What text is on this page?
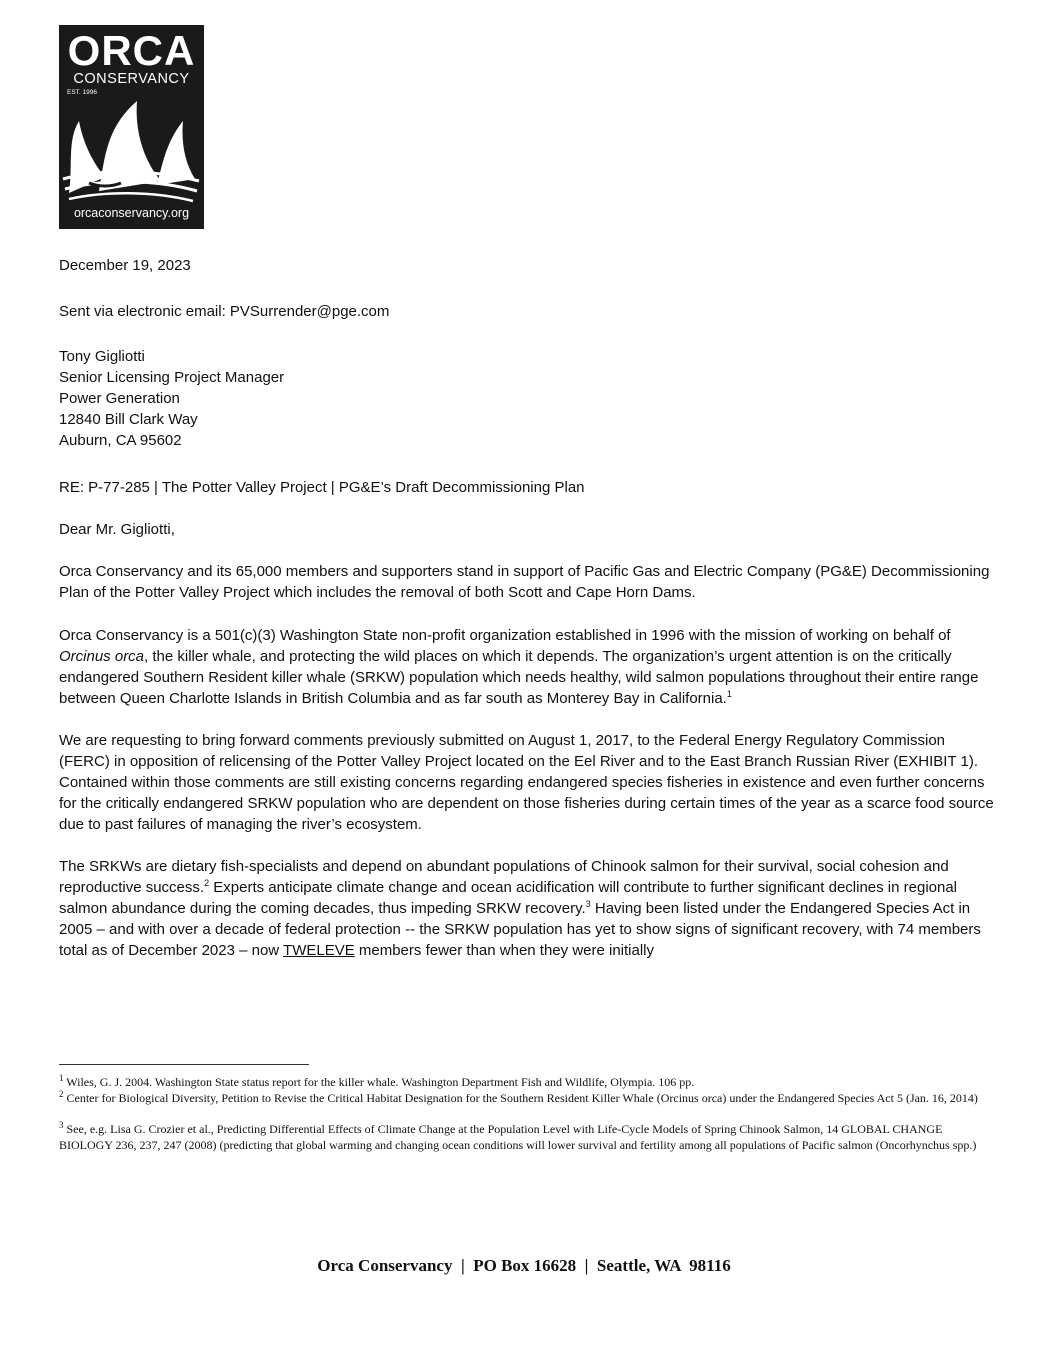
ORCA
CONSERVANCY
EST. 1996
orcaconservancy.org

December 19, 2023

Sent via electronic email: PVSurrender@pge.com

Tony Gigliotti

Senior Licensing Project Manager

Power Generation

12840 Bill Clark Way

Auburn, CA 95602

RE: P-77-285 | The Potter Valley Project | PG&E’s Draft Decommissioning Plan

Dear Mr. Gigliotti,

Orca Conservancy and its 65,000 members and supporters stand in support of Pacific Gas and Electric Company (PG&E) Decommissioning Plan of the Potter Valley Project which includes the removal of both Scott and Cape Horn Dams.

Orca Conservancy is a 501(c)(3) Washington State non-profit organization established in 1996 with the mission of working on behalf of Orcinus orca, the killer whale, and protecting the wild places on which it depends. The organization’s urgent attention is on the critically endangered Southern Resident killer whale (SRKW) population which needs healthy, wild salmon populations throughout their entire range between Queen Charlotte Islands in British Columbia and as far south as Monterey Bay in California.$^1$

We are requesting to bring forward comments previously submitted on August 1, 2017, to the Federal Energy Regulatory Commission (FERC) in opposition of relicensing of the Potter Valley Project located on the Eel River and to the East Branch Russian River (EXHIBIT 1). Contained within those comments are still existing concerns regarding endangered species fisheries in existence and even further concerns for the critically endangered SRKW population who are dependent on those fisheries during certain times of the year as a scarce food source due to past failures of managing the river’s ecosystem.

The SRKWs are dietary fish-specialists and depend on abundant populations of Chinook salmon for their survival, social cohesion and reproductive success.$^2$ Experts anticipate climate change and ocean acidification will contribute to further significant declines in regional salmon abundance during the coming decades, thus impeding SRKW recovery.$^3$ Having been listed under the Endangered Species Act in 2005 – and with over a decade of federal protection -- the SRKW population has yet to show signs of significant recovery, with 74 members total as of December 2023 – now TWELEVE members fewer than when they were initially

$^1$ Wiles, G. J. 2004. Washington State status report for the killer whale. Washington Department Fish and Wildlife, Olympia. 106 pp.

$^2$ Center for Biological Diversity, Petition to Revise the Critical Habitat Designation for the Southern Resident Killer Whale (Orcinus orca) under the Endangered Species Act 5 (Jan. 16, 2014)

$^3$ See, e.g. Lisa G. Crozier et al., Predicting Differential Effects of Climate Change at the Population Level with Life-Cycle Models of Spring Chinook Salmon, 14 GLOBAL CHANGE BIOLOGY 236, 237, 247 (2008) (predicting that global warming and changing ocean conditions will lower survival and fertility among all populations of Pacific salmon (Oncorhynchus spp.)

Orca Conservancy  |  PO Box 16628  |  Seattle, WA  98116
